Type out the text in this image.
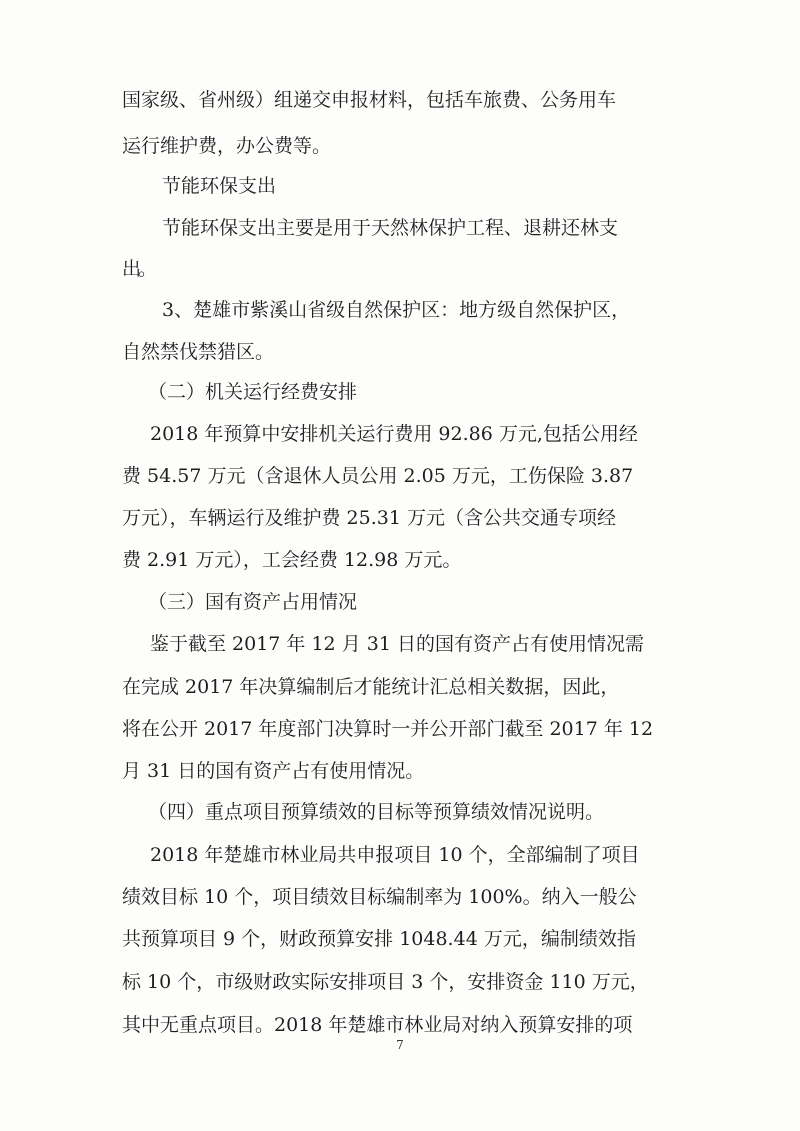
国家级、省州级）组递交申报材料，包括车旅费、公务用车
运行维护费，办公费等。
节能环保支出
节能环保支出主要是用于天然林保护工程、退耕还林支
出。
3、楚雄市紫溪山省级自然保护区：地方级自然保护区，
自然禁伐禁猎区。
（二）机关运行经费安排
2018 年预算中安排机关运行费用 92.86 万元,包括公用经
费 54.57 万元（含退休人员公用 2.05 万元，工伤保险 3.87
万元），车辆运行及维护费 25.31 万元（含公共交通专项经
费 2.91 万元），工会经费 12.98 万元。
（三）国有资产占用情况
鉴于截至 2017 年 12 月 31 日的国有资产占有使用情况需
在完成 2017 年决算编制后才能统计汇总相关数据，因此，
将在公开 2017 年度部门决算时一并公开部门截至 2017 年 12
月 31 日的国有资产占有使用情况。
（四）重点项目预算绩效的目标等预算绩效情况说明。
2018 年楚雄市林业局共申报项目 10 个，全部编制了项目
绩效目标 10 个，项目绩效目标编制率为 100%。纳入一般公
共预算项目 9 个，财政预算安排 1048.44 万元，编制绩效指
标 10 个，市级财政实际安排项目 3 个，安排资金 110 万元，
其中无重点项目。2018 年楚雄市林业局对纳入预算安排的项
7
